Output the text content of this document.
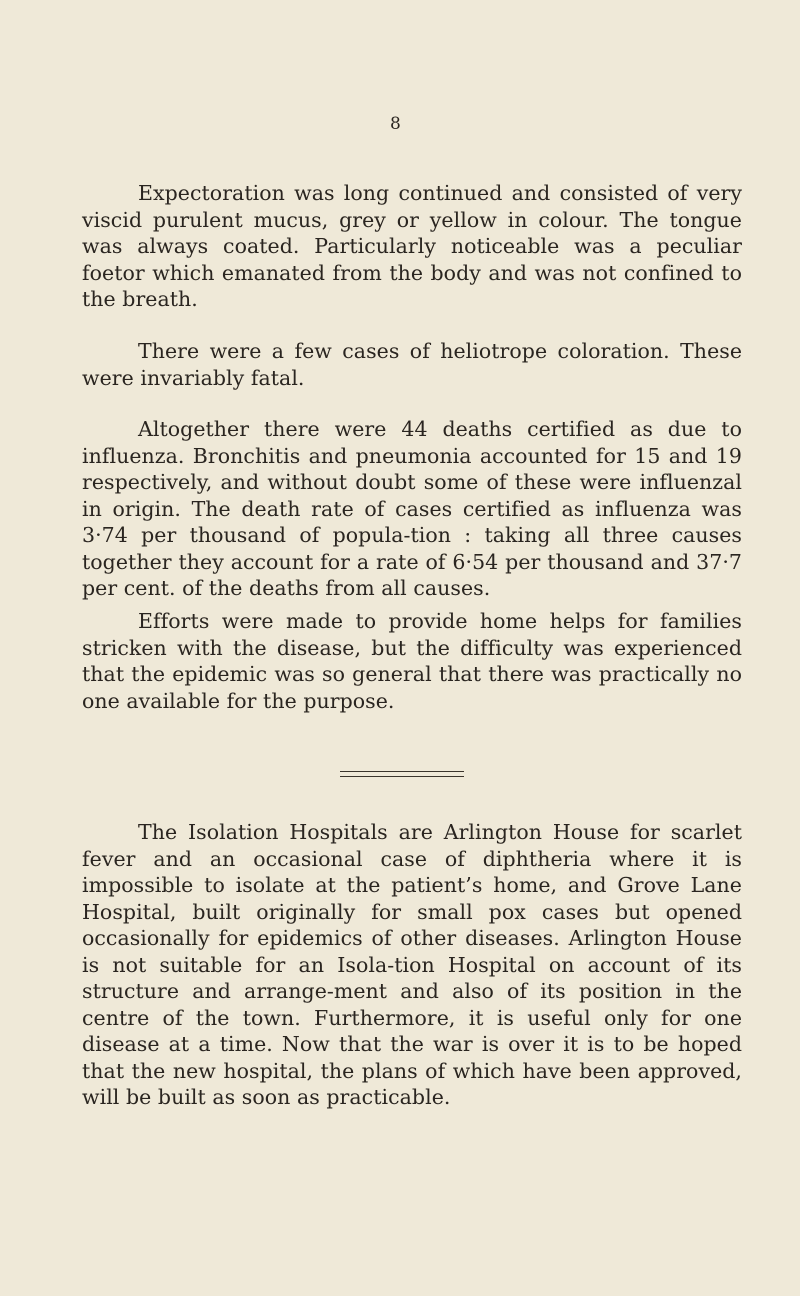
8

Expectoration was long continued and consisted of very viscid purulent mucus, grey or yellow in colour. The tongue was always coated. Particularly noticeable was a peculiar foetor which emanated from the body and was not confined to the breath.

There were a few cases of heliotrope coloration. These were invariably fatal.

Altogether there were 44 deaths certified as due to influenza. Bronchitis and pneumonia accounted for 15 and 19 respectively, and without doubt some of these were influenzal in origin. The death rate of cases certified as influenza was 3·74 per thousand of popula-tion : taking all three causes together they account for a rate of 6·54 per thousand and 37·7 per cent. of the deaths from all causes.

Efforts were made to provide home helps for families stricken with the disease, but the difficulty was experienced that the epidemic was so general that there was practically no one available for the purpose.

The Isolation Hospitals are Arlington House for scarlet fever and an occasional case of diphtheria where it is impossible to isolate at the patient’s home, and Grove Lane Hospital, built originally for small pox cases but opened occasionally for epidemics of other diseases. Arlington House is not suitable for an Isola-tion Hospital on account of its structure and arrange-ment and also of its position in the centre of the town. Furthermore, it is useful only for one disease at a time. Now that the war is over it is to be hoped that the new hospital, the plans of which have been approved, will be built as soon as practicable.
